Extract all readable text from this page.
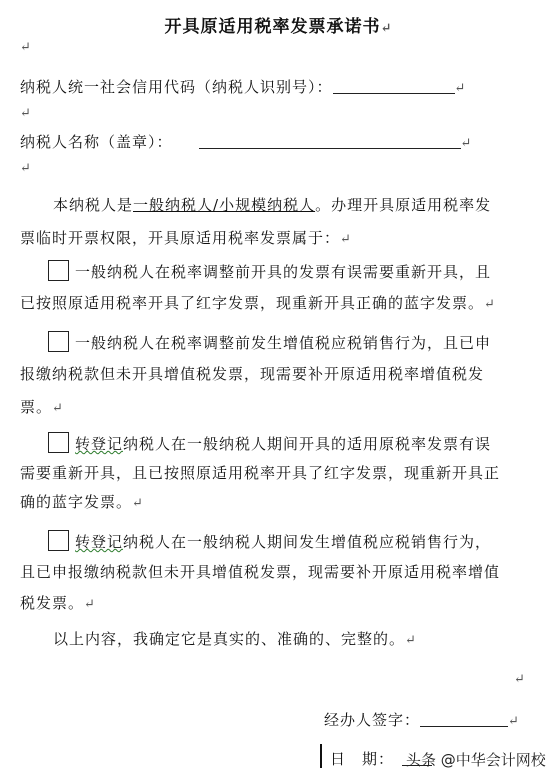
开具原适用税率发票承诺书↵
↵
纳税人统一社会信用代码（纳税人识别号）：	↵
↵
纳税人名称（盖章）：	↵
↵
本纳税人是一般纳税人/小规模纳税人。办理开具原适用税率发
票临时开票权限，开具原适用税率发票属于：↵
一般纳税人在税率调整前开具的发票有误需要重新开具，且
已按照原适用税率开具了红字发票，现重新开具正确的蓝字发票。↵
一般纳税人在税率调整前发生增值税应税销售行为，且已申
报缴纳税款但未开具增值税发票，现需要补开原适用税率增值税发
票。↵
转登记纳税人在一般纳税人期间开具的适用原税率发票有误
需要重新开具，且已按照原适用税率开具了红字发票，现重新开具正
确的蓝字发票。↵
转登记纳税人在一般纳税人期间发生增值税应税销售行为，
且已申报缴纳税款但未开具增值税发票，现需要补开原适用税率增值
税发票。↵
以上内容，我确定它是真实的、准确的、完整的。↵
↵
经办人签字：	↵
日　期： 头条 @中华会计网校
